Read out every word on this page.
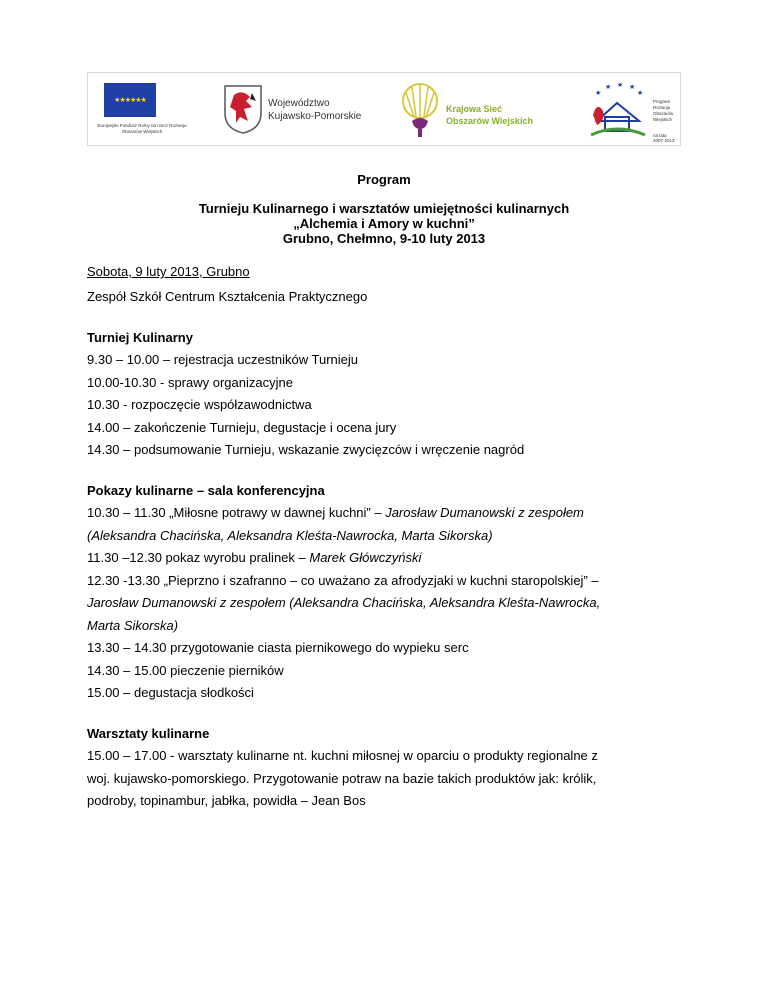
★★★★★★
Europejski Fundusz Rolny na rzecz Rozwoju Obszarów Wiejskich
Województwo
Kujawsko-Pomorskie
Krajowa Sieć
Obszarów Wiejskich
★
★ ★ ★
★
Program
Rozwoju
Obszarów
Wiejskich
na lata 2007-2013
Program
Turnieju Kulinarnego i warsztatów umiejętności kulinarnych
„Alchemia i Amory w kuchni”
Grubno, Chełmno, 9-10 luty 2013
Sobota, 9 luty 2013, Grubno
Zespół Szkół Centrum Kształcenia Praktycznego
Turniej Kulinarny
9.30 – 10.00 – rejestracja uczestników Turnieju
10.00-10.30 - sprawy organizacyjne
10.30 - rozpoczęcie współzawodnictwa
14.00 – zakończenie Turnieju, degustacje i ocena jury
14.30 – podsumowanie Turnieju, wskazanie zwycięzców i wręczenie nagród
Pokazy kulinarne – sala konferencyjna
10.30 – 11.30 „Miłosne potrawy w dawnej kuchni” – Jarosław Dumanowski z zespołem
(Aleksandra Chacińska, Aleksandra Kleśta-Nawrocka, Marta Sikorska)
11.30 –12.30 pokaz wyrobu pralinek – Marek Główczyński
12.30 -13.30 „Pieprzno i szafranno – co uważano za afrodyzjaki w kuchni staropolskiej” –
Jarosław Dumanowski z zespołem (Aleksandra Chacińska, Aleksandra Kleśta-Nawrocka,
Marta Sikorska)
13.30 – 14.30 przygotowanie ciasta piernikowego do wypieku serc
14.30 – 15.00 pieczenie pierników
15.00 – degustacja słodkości
Warsztaty kulinarne
15.00 – 17.00 - warsztaty kulinarne nt. kuchni miłosnej w oparciu o produkty regionalne z
woj. kujawsko-pomorskiego. Przygotowanie potraw na bazie takich produktów jak: królik,
podroby, topinambur, jabłka, powidła – Jean Bos
